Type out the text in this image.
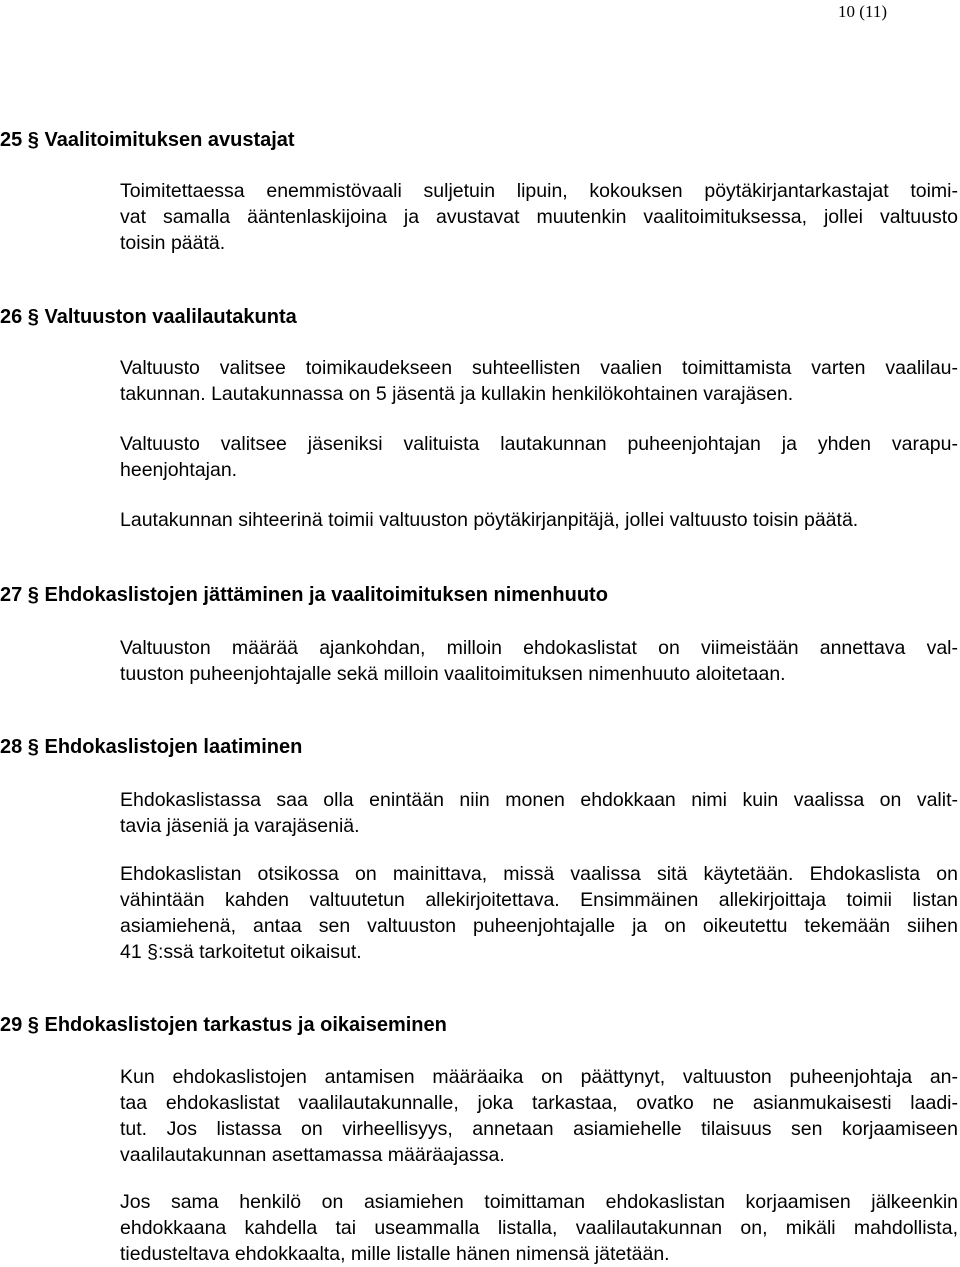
10 (11)
25 § Vaalitoimituksen avustajat

Toimitettaessa enemmistövaali suljetuin lipuin, kokouksen pöytäkirjantarkastajat toimi-
vat samalla ääntenlaskijoina ja avustavat muutenkin vaalitoimituksessa, jollei valtuusto
toisin päätä.

26 § Valtuuston vaalilautakunta

Valtuusto valitsee toimikaudekseen suhteellisten vaalien toimittamista varten vaalilau-
takunnan. Lautakunnassa on 5 jäsentä ja kullakin henkilökohtainen varajäsen.

Valtuusto valitsee jäseniksi valituista lautakunnan puheenjohtajan ja yhden varapu-
heenjohtajan.

Lautakunnan sihteerinä toimii valtuuston pöytäkirjanpitäjä, jollei valtuusto toisin päätä.

27 § Ehdokaslistojen jättäminen ja vaalitoimituksen nimenhuuto

Valtuuston määrää ajankohdan, milloin ehdokaslistat on viimeistään annettava val-
tuuston puheenjohtajalle sekä milloin vaalitoimituksen nimenhuuto aloitetaan.

28 § Ehdokaslistojen laatiminen

Ehdokaslistassa saa olla enintään niin monen ehdokkaan nimi kuin vaalissa on valit-
tavia jäseniä ja varajäseniä.

Ehdokaslistan otsikossa on mainittava, missä vaalissa sitä käytetään. Ehdokaslista on
vähintään kahden valtuutetun allekirjoitettava. Ensimmäinen allekirjoittaja toimii listan
asiamiehenä, antaa sen valtuuston puheenjohtajalle ja on oikeutettu tekemään siihen
41 §:ssä tarkoitetut oikaisut.

29 § Ehdokaslistojen tarkastus ja oikaiseminen

Kun ehdokaslistojen antamisen määräaika on päättynyt, valtuuston puheenjohtaja an-
taa ehdokaslistat vaalilautakunnalle, joka tarkastaa, ovatko ne asianmukaisesti laadi-
tut. Jos listassa on virheellisyys, annetaan asiamiehelle tilaisuus sen korjaamiseen
vaalilautakunnan asettamassa määräajassa.

Jos sama henkilö on asiamiehen toimittaman ehdokaslistan korjaamisen jälkeenkin
ehdokkaana kahdella tai useammalla listalla, vaalilautakunnan on, mikäli mahdollista,
tiedusteltava ehdokkaalta, mille listalle hänen nimensä jätetään.
